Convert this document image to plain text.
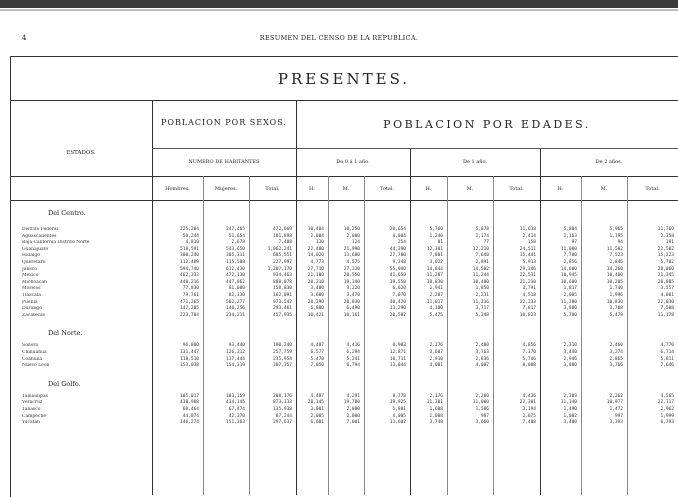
4	RESUMEN DEL CENSO DE LA REPUBLICA.
PRESENTES.
ESTADOS.
POBLACION POR SEXOS.	POBLACION POR EDADES.
NUMERO DE HABITANTES	De 0 á 1 año.	De 1 año.	De 2 años.
Hombres.	Mujeres.	Total.	H.	M.	Total.	H.	M.	Total.	H.	M.	Total.
Del Centro.
Distrito Federal	225,204	247,465	472,669	10,404	10,250	20,654	5,760	5,878	11,638	5,804	5,965	11,769
Aguascalientes	50,244	51,654	101,898	2,004	2,000	4,004	1,240	1,174	2,414	1,163	1,195	2,358
Baja California Distrito Norte	4,810	2,678	7,488	130	124	254	81	77	158	97	94	191
Guanajuato	518,591	543,650	1,062,241	22,400	21,990	44,390	12,301	12,210	24,511	11,000	11,502	22,502
Hidalgo	300,240	305,311	605,551	14,020	13,680	27,700	7,801	7,640	15,441	7,700	7,523	15,223
Querétaro	112,489	115,508	227,997	4,773	4,575	9,348	3,022	2,891	5,913	2,856	2,846	5,702
Jalisco	594,740	612,430	1,207,170	27,710	27,330	55,040	14,844	14,502	29,346	14,600	14,260	28,860
México	462,333	472,130	934,463	21,100	20,550	41,650	11,287	11,244	22,531	10,945	10,400	21,345
Michoacan	440,216	447,862	888,078	20,210	19,340	39,550	10,830	10,400	21,230	10,600	10,205	20,805
Morelos	77,830	81,000	158,830	3,400	3,220	6,620	1,941	1,850	3,791	1,817	1,740	3,557
Tlaxcala	79,761	82,330	162,091	3,600	3,470	7,070	2,287	2,231	4,518	2,005	1,996	4,001
Puebla	471,265	502,277	973,542	20,390	20,030	40,420	11,017	11,216	22,233	11,200	10,830	22,030
Durango	147,205	146,256	293,461	6,800	6,490	13,290	4,100	3,717	7,817	3,800	3,708	7,508
Zacatecas	223,704	234,231	457,935	10,421	10,161	20,582	5,475	5,348	10,823	5,700	5,478	11,178
Del Norte.
Sonora	96,800	93,440	190,240	4,487	4,416	8,903	2,376	2,480	4,856	2,310	2,460	4,770
Chihuahua	131,447	126,312	257,759	6,577	6,294	12,871	3,607	3,763	7,370	3,440	3,274	6,714
Coahuila	118,510	117,444	235,954	5,470	5,241	10,711	2,910	2,836	5,746	2,946	2,865	5,811
Nuevo León	153,038	154,319	307,357	7,050	6,794	13,844	4,081	4,007	8,088	3,880	3,766	7,646
Del Golfo.
Tamaulipas	105,017	103,159	208,176	4,487	4,291	8,778	2,176	2,260	4,436	2,303	2,262	4,565
Veracruz	438,988	434,145	873,133	20,145	19,780	39,925	11,301	11,000	22,301	11,140	10,977	22,117
Tabasco	68,464	67,474	135,938	3,001	2,880	5,881	1,608	1,586	3,194	1,490	1,472	2,962
Campeche	44,874	42,370	87,244	2,005	2,000	4,005	1,088	987	2,075	1,002	997	1,999
Yucatan	146,274	151,363	297,637	6,601	7,001	13,602	3,748	3,660	7,408	3,400	3,393	6,793
